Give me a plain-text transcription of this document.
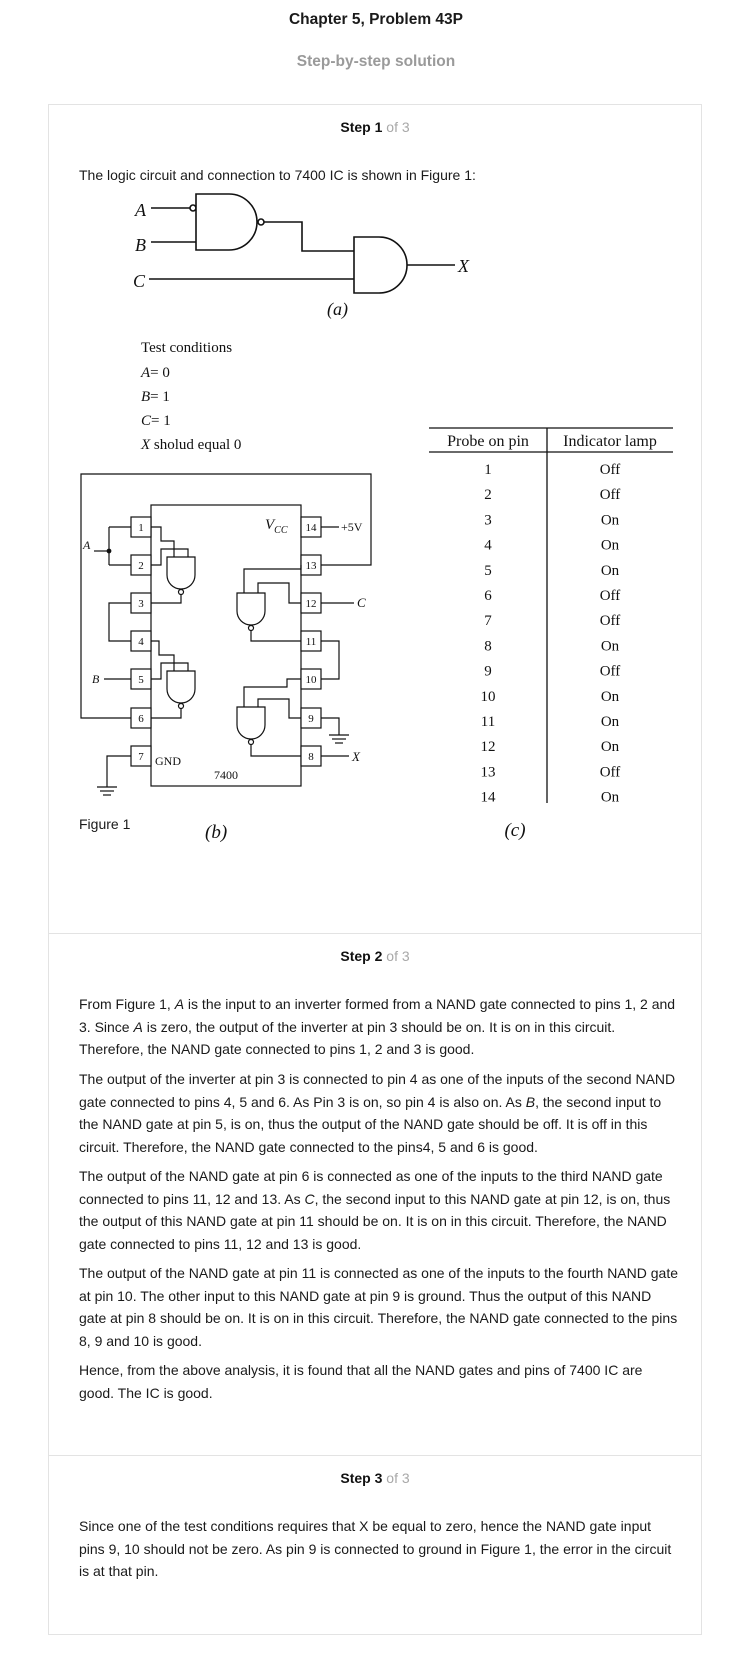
Chapter 5, Problem 43P
Step-by-step solution
Step 1 of 3

The logic circuit and connection to 7400 IC is shown in Figure 1:

A
B
C
X
(a)
Test conditions
A= 0
B= 1
C= 1
X sholud equal 0
1
2
3
4
5
6
7
14
13
12
11
10
9
8
$V_{CC}$	+5V
GND
7400
A
B
C
X
(b)
Probe on pin Indicator lamp
1	Off
2	Off
3	On
4	On
5	On
6	Off
7	Off
8	On
9	Off
10	On
11	On
12	On
13	Off
14	On
(c)

Figure 1

Step 2 of 3

From Figure 1, A is the input to an inverter formed from a NAND gate connected to pins 1, 2 and 3. Since A is zero, the output of the inverter at pin 3 should be on. It is on in this circuit. Therefore, the NAND gate connected to pins 1, 2 and 3 is good.

The output of the inverter at pin 3 is connected to pin 4 as one of the inputs of the second NAND gate connected to pins 4, 5 and 6. As Pin 3 is on, so pin 4 is also on. As B, the second input to the NAND gate at pin 5, is on, thus the output of the NAND gate should be off. It is off in this circuit. Therefore, the NAND gate connected to the pins4, 5 and 6 is good.

The output of the NAND gate at pin 6 is connected as one of the inputs to the third NAND gate connected to pins 11, 12 and 13. As C, the second input to this NAND gate at pin 12, is on, thus the output of this NAND gate at pin 11 should be on. It is on in this circuit. Therefore, the NAND gate connected to pins 11, 12 and 13 is good.

The output of the NAND gate at pin 11 is connected as one of the inputs to the fourth NAND gate at pin 10. The other input to this NAND gate at pin 9 is ground. Thus the output of this NAND gate at pin 8 should be on. It is on in this circuit. Therefore, the NAND gate connected to the pins 8, 9 and 10 is good.

Hence, from the above analysis, it is found that all the NAND gates and pins of 7400 IC are good. The IC is good.

Step 3 of 3

Since one of the test conditions requires that X be equal to zero, hence the NAND gate input pins 9, 10 should not be zero. As pin 9 is connected to ground in Figure 1, the error in the circuit is at that pin.
